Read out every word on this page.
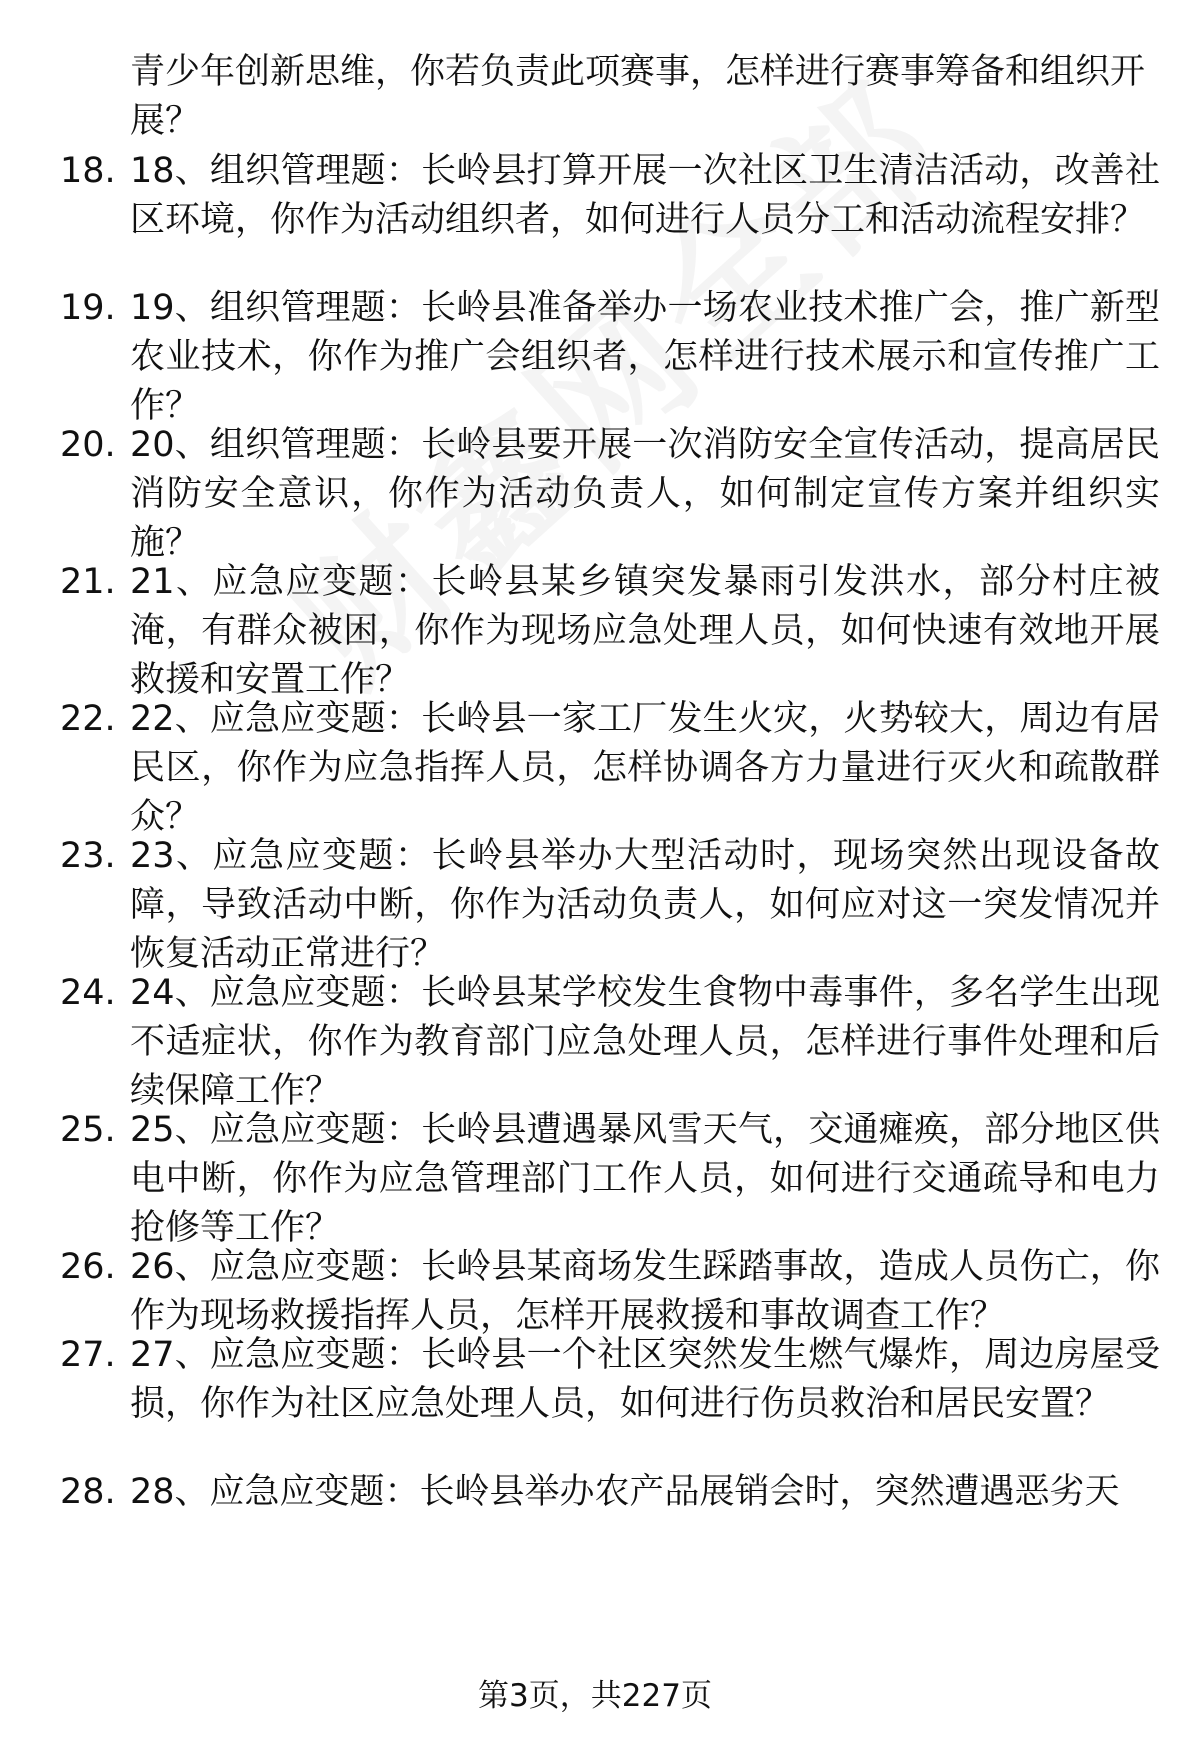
青少年创新思维，你若负责此项赛事，怎样进行赛事筹备和组织开展？
18. 18、组织管理题：长岭县打算开展一次社区卫生清洁活动，改善社区环境，你作为活动组织者，如何进行人员分工和活动流程安排？
19. 19、组织管理题：长岭县准备举办一场农业技术推广会，推广新型农业技术，你作为推广会组织者，怎样进行技术展示和宣传推广工作？
20. 20、组织管理题：长岭县要开展一次消防安全宣传活动，提高居民消防安全意识，你作为活动负责人，如何制定宣传方案并组织实施？
21. 21、应急应变题：长岭县某乡镇突发暴雨引发洪水，部分村庄被淹，有群众被困，你作为现场应急处理人员，如何快速有效地开展救援和安置工作？
22. 22、应急应变题：长岭县一家工厂发生火灾，火势较大，周边有居民区，你作为应急指挥人员，怎样协调各方力量进行灭火和疏散群众？
23. 23、应急应变题：长岭县举办大型活动时，现场突然出现设备故障，导致活动中断，你作为活动负责人，如何应对这一突发情况并恢复活动正常进行？
24. 24、应急应变题：长岭县某学校发生食物中毒事件，多名学生出现不适症状，你作为教育部门应急处理人员，怎样进行事件处理和后续保障工作？
25. 25、应急应变题：长岭县遭遇暴风雪天气，交通瘫痪，部分地区供电中断，你作为应急管理部门工作人员，如何进行交通疏导和电力抢修等工作？
26. 26、应急应变题：长岭县某商场发生踩踏事故，造成人员伤亡，你作为现场救援指挥人员，怎样开展救援和事故调查工作？
27. 27、应急应变题：长岭县一个社区突然发生燃气爆炸，周边房屋受损，你作为社区应急处理人员，如何进行伤员救治和居民安置？
28. 28、应急应变题：长岭县举办农产品展销会时，突然遭遇恶劣天
第3页，共227页
